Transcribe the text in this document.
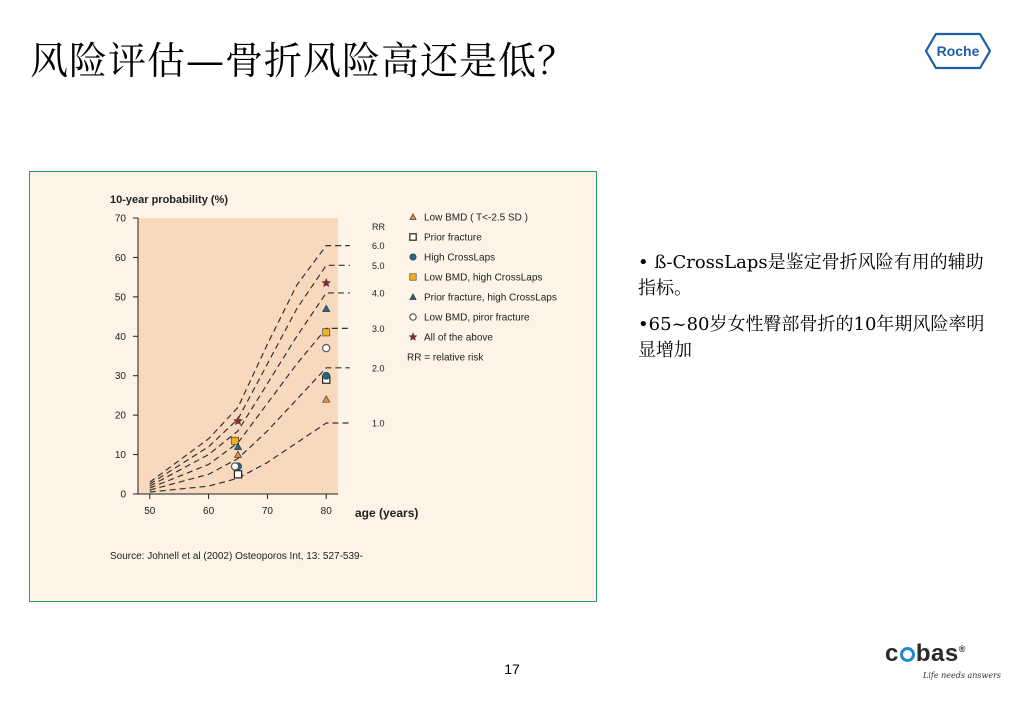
风险评估—骨折风险高还是低？	Roche
1.0
2.0
3.0
4.0
5.0
6.0
0
10
20
30
40
50
60
70
50	60	70	80
Low BMD ( T<-2.5 SD )
Prior fracture
High CrossLaps
Low BMD, high CrossLaps
Prior fracture, high CrossLaps
Low BMD, piror fracture
All of the above
RR = relative risk
10-year probability (%)
age (years)
RR
Source: Johnell et al (2002) Osteoporos Int, 13: 527-539-

• ß-CrossLaps是鉴定骨折风险有用的辅助指标。

•65~80岁女性臀部骨折的10年期风险率明显增加

17
c bas®
Life needs answers
